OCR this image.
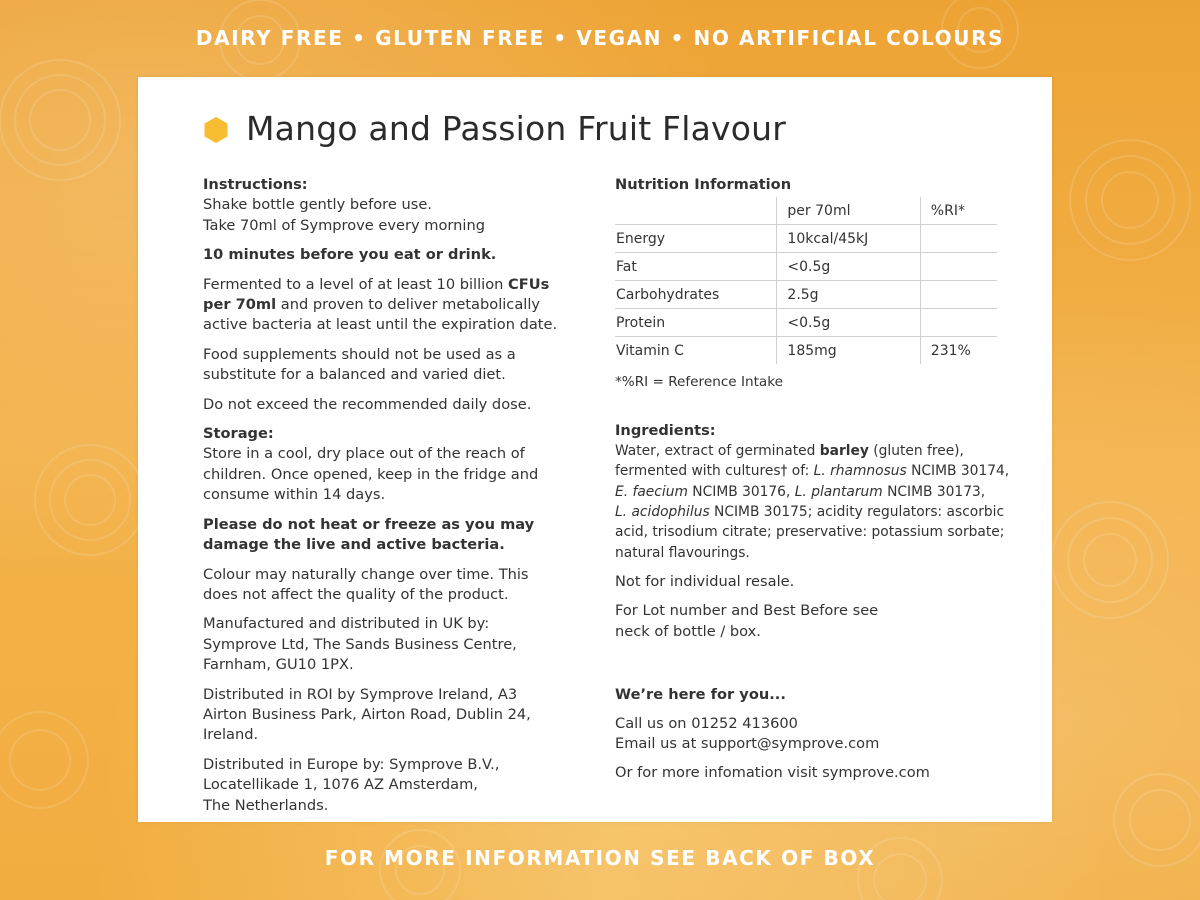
DAIRY FREE • GLUTEN FREE • VEGAN • NO ARTIFICIAL COLOURS
Mango and Passion Fruit Flavour
Instructions:
Shake bottle gently before use.
Take 70ml of Symprove every morning
10 minutes before you eat or drink.
Fermented to a level of at least 10 billion CFUs
per 70ml and proven to deliver metabolically
active bacteria at least until the expiration date.
Food supplements should not be used as a
substitute for a balanced and varied diet.
Do not exceed the recommended daily dose.
Storage:
Store in a cool, dry place out of the reach of
children. Once opened, keep in the fridge and
consume within 14 days.
Please do not heat or freeze as you may
damage the live and active bacteria.
Colour may naturally change over time. This
does not affect the quality of the product.
Manufactured and distributed in UK by:
Symprove Ltd, The Sands Business Centre,
Farnham, GU10 1PX.
Distributed in ROI by Symprove Ireland, A3
Airton Business Park, Airton Road, Dublin 24,
Ireland.
Distributed in Europe by: Symprove B.V.,
Locatellikade 1, 1076 AZ Amsterdam,
The Netherlands.
Nutrition Information
	per 70ml	%RI*
Energy	10kcal/45kJ	
Fat	<0.5g	
Carbohydrates	2.5g	
Protein	<0.5g	
Vitamin C	185mg	231%
*%RI = Reference Intake
Ingredients:
Water, extract of germinated barley (gluten free),
fermented with cultures† of: L. rhamnosus NCIMB 30174,
E. faecium NCIMB 30176, L. plantarum NCIMB 30173,
L. acidophilus NCIMB 30175; acidity regulators: ascorbic
acid, trisodium citrate; preservative: potassium sorbate;
natural flavourings.
Not for individual resale.
For Lot number and Best Before see
neck of bottle / box.
We’re here for you...
Call us on 01252 413600
Email us at support@symprove.com
Or for more infomation visit symprove.com
FOR MORE INFORMATION SEE BACK OF BOX
